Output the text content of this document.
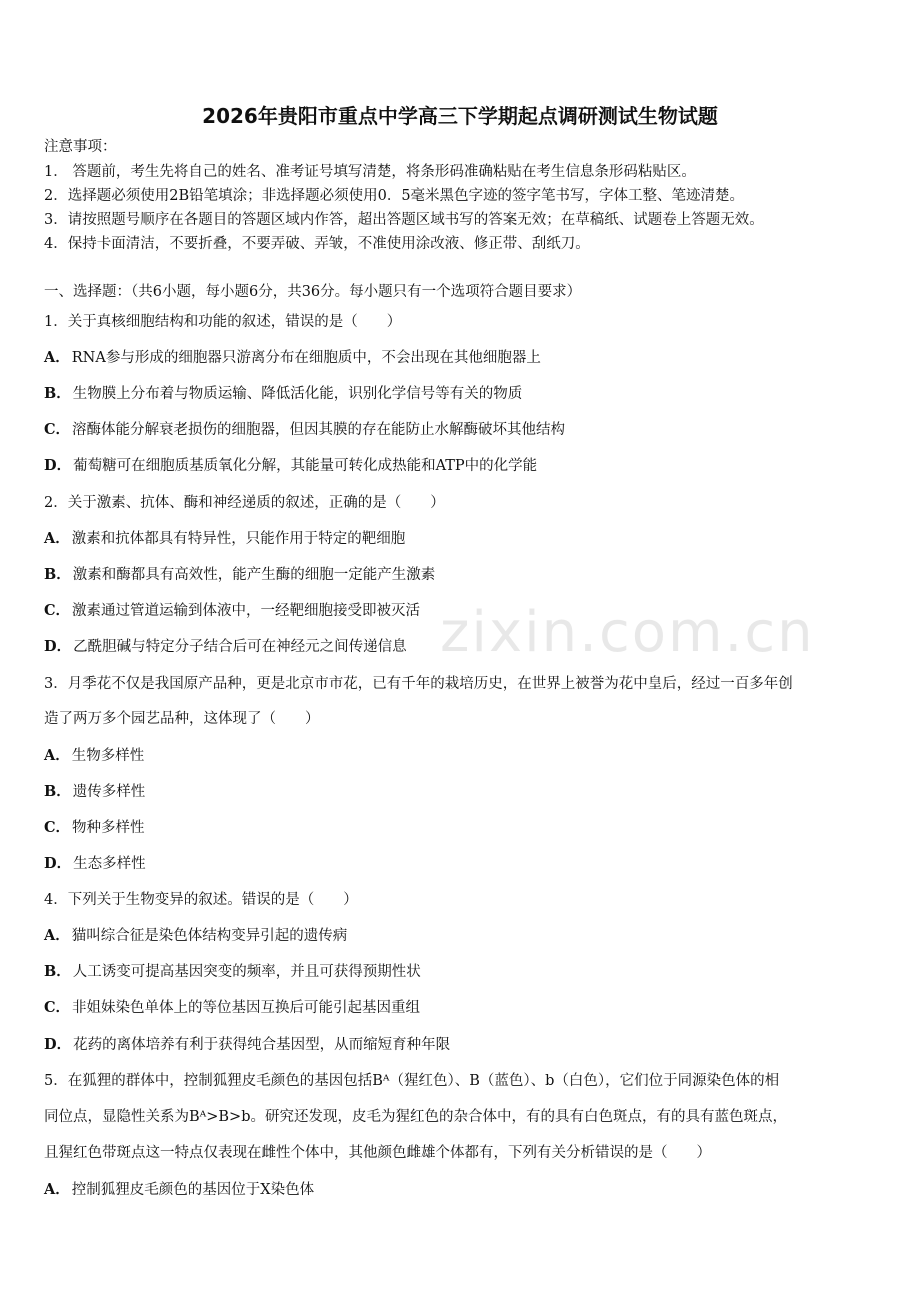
2026年贵阳市重点中学高三下学期起点调研测试生物试题
注意事项：
1． 答题前，考生先将自己的姓名、准考证号填写清楚，将条形码准确粘贴在考生信息条形码粘贴区。
2．选择题必须使用2B铅笔填涂；非选择题必须使用0．5毫米黑色字迹的签字笔书写，字体工整、笔迹清楚。
3．请按照题号顺序在各题目的答题区域内作答，超出答题区域书写的答案无效；在草稿纸、试题卷上答题无效。
4．保持卡面清洁，不要折叠，不要弄破、弄皱，不准使用涂改液、修正带、刮纸刀。
一、选择题：（共6小题，每小题6分，共36分。每小题只有一个选项符合题目要求）
1．关于真核细胞结构和功能的叙述，错误的是（　　）
A． RNA参与形成的细胞器只游离分布在细胞质中，不会出现在其他细胞器上
B． 生物膜上分布着与物质运输、降低活化能，识别化学信号等有关的物质
C． 溶酶体能分解衰老损伤的细胞器，但因其膜的存在能防止水解酶破坏其他结构
D． 葡萄糖可在细胞质基质氧化分解，其能量可转化成热能和ATP中的化学能
2．关于激素、抗体、酶和神经递质的叙述，正确的是（　　）
A． 激素和抗体都具有特异性，只能作用于特定的靶细胞
B． 激素和酶都具有高效性，能产生酶的细胞一定能产生激素
C． 激素通过管道运输到体液中，一经靶细胞接受即被灭活
D． 乙酰胆碱与特定分子结合后可在神经元之间传递信息
3．月季花不仅是我国原产品种，更是北京市市花，已有千年的栽培历史，在世界上被誉为花中皇后，经过一百多年创
造了两万多个园艺品种，这体现了（　　）
A． 生物多样性
B． 遗传多样性
C． 物种多样性
D． 生态多样性
4．下列关于生物变异的叙述。错误的是（　　）
A． 猫叫综合征是染色体结构变异引起的遗传病
B． 人工诱变可提高基因突变的频率，并且可获得预期性状
C． 非姐妹染色单体上的等位基因互换后可能引起基因重组
D． 花药的离体培养有利于获得纯合基因型，从而缩短育种年限
5．在狐狸的群体中，控制狐狸皮毛颜色的基因包括Bᴬ（猩红色）、B（蓝色）、b（白色），它们位于同源染色体的相
同位点，显隐性关系为Bᴬ>B>b。研究还发现，皮毛为猩红色的杂合体中，有的具有白色斑点，有的具有蓝色斑点，
且猩红色带斑点这一特点仅表现在雌性个体中，其他颜色雌雄个体都有，下列有关分析错误的是（　　）
A． 控制狐狸皮毛颜色的基因位于X染色体
zixin.com.cn
